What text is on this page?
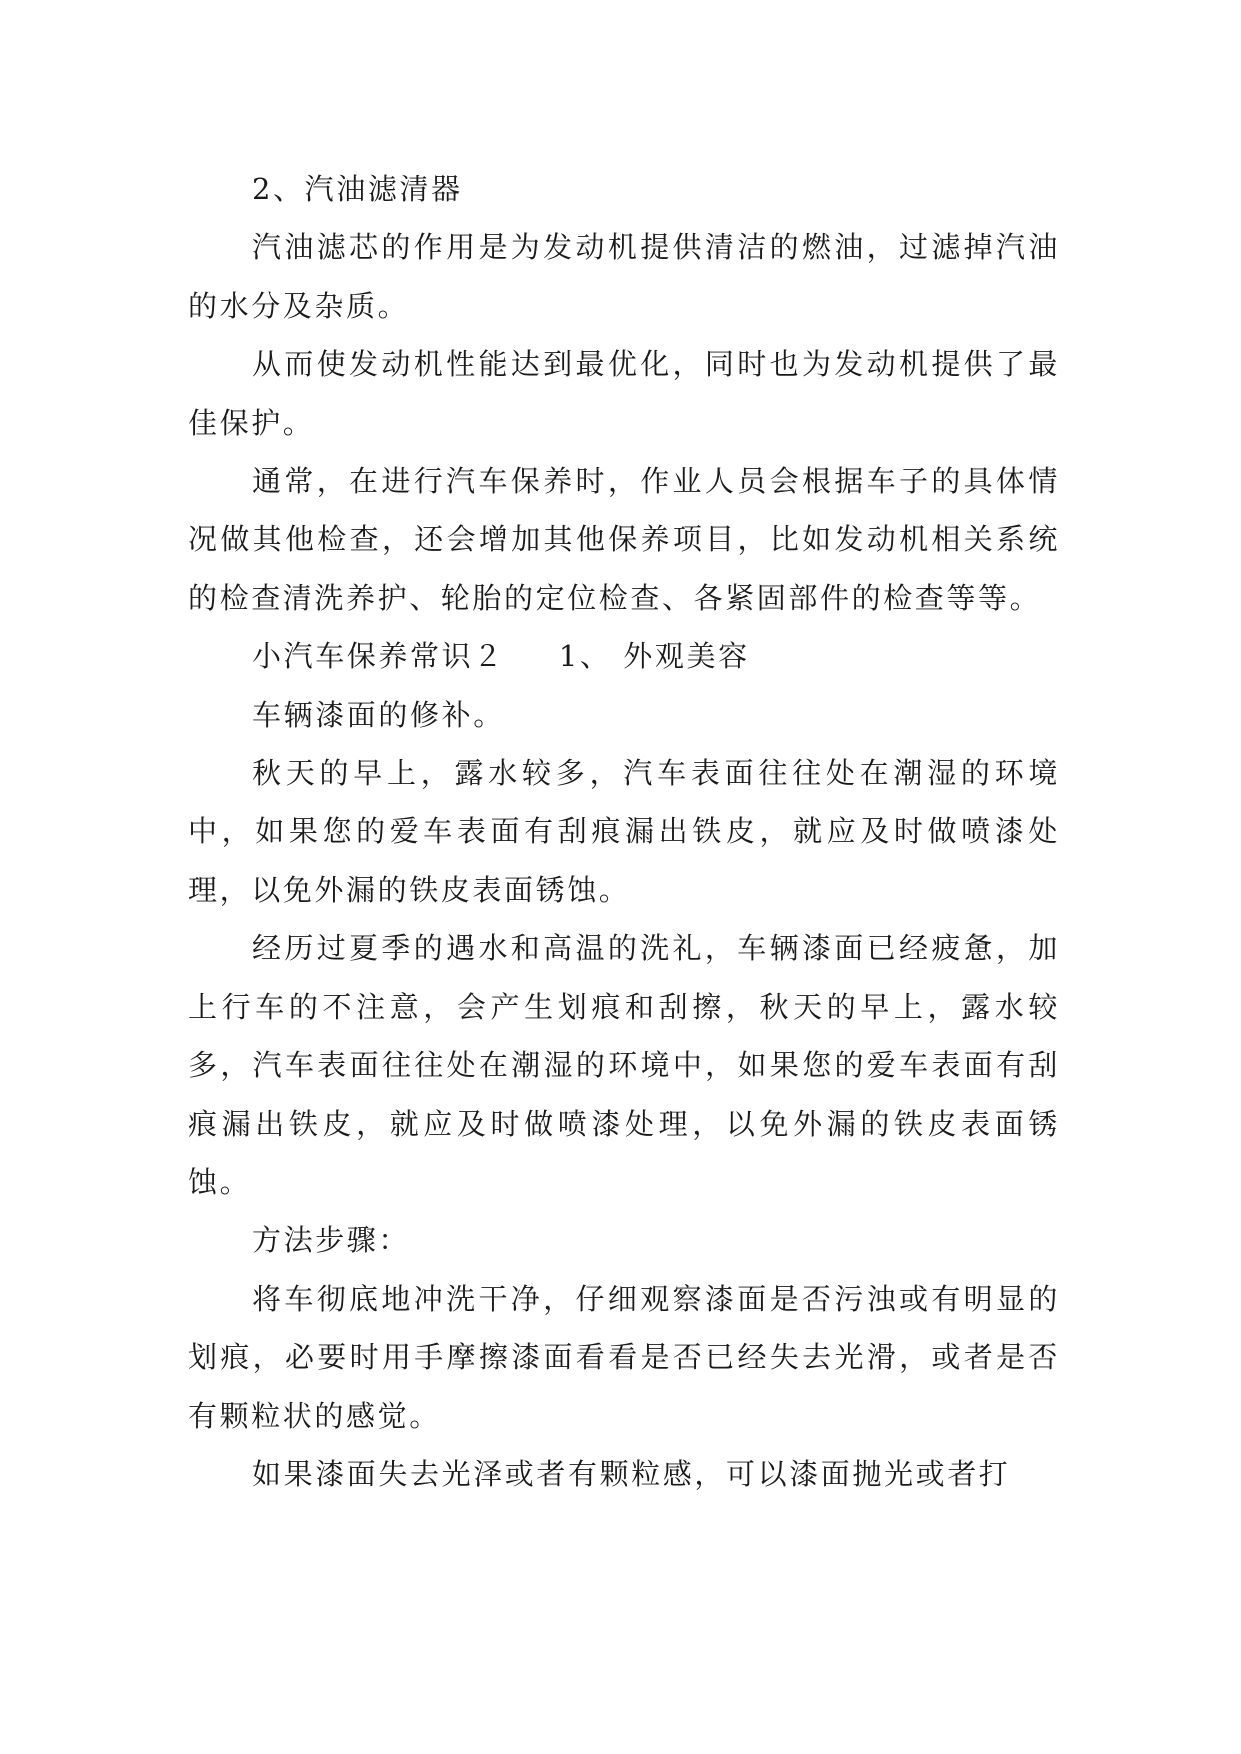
2、汽油滤清器

汽油滤芯的作用是为发动机提供清洁的燃油，过滤掉汽油的水分及杂质。

从而使发动机性能达到最优化，同时也为发动机提供了最佳保护。

通常，在进行汽车保养时，作业人员会根据车子的具体情况做其他检查，还会增加其他保养项目，比如发动机相关系统的检查清洗养护、轮胎的定位检查、各紧固部件的检查等等。

小汽车保养常识２ 1、 外观美容

车辆漆面的修补。

秋天的早上，露水较多，汽车表面往往处在潮湿的环境中，如果您的爱车表面有刮痕漏出铁皮，就应及时做喷漆处理，以免外漏的铁皮表面锈蚀。

经历过夏季的遇水和高温的洗礼，车辆漆面已经疲惫，加上行车的不注意，会产生划痕和刮擦，秋天的早上，露水较多，汽车表面往往处在潮湿的环境中，如果您的爱车表面有刮痕漏出铁皮，就应及时做喷漆处理，以免外漏的铁皮表面锈蚀。

方法步骤：

将车彻底地冲洗干净，仔细观察漆面是否污浊或有明显的划痕，必要时用手摩擦漆面看看是否已经失去光滑，或者是否有颗粒状的感觉。

如果漆面失去光泽或者有颗粒感，可以漆面抛光或者打
